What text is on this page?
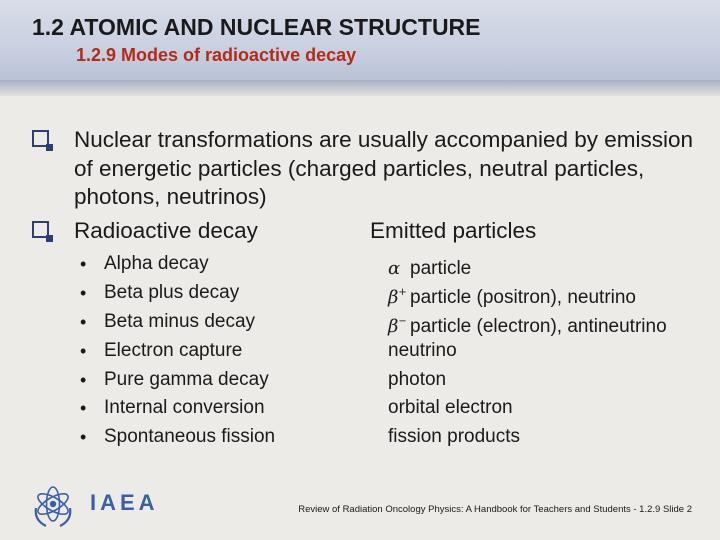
1.2 ATOMIC AND NUCLEAR STRUCTURE
1.2.9 Modes of radioactive decay
Nuclear transformations are usually accompanied by emission of energetic particles (charged particles, neutral particles, photons, neutrinos)
Radioactive decay	Emitted particles
• Alpha decay
• Beta plus decay
• Beta minus decay
• Electron capture
• Pure gamma decay
• Internal conversion
• Spontaneous fission
α particle
β+ particle (positron), neutrino
β− particle (electron), antineutrino
neutrino
photon
orbital electron
fission products
IAEA	Review of Radiation Oncology Physics: A Handbook for Teachers and Students - 1.2.9 Slide 2
